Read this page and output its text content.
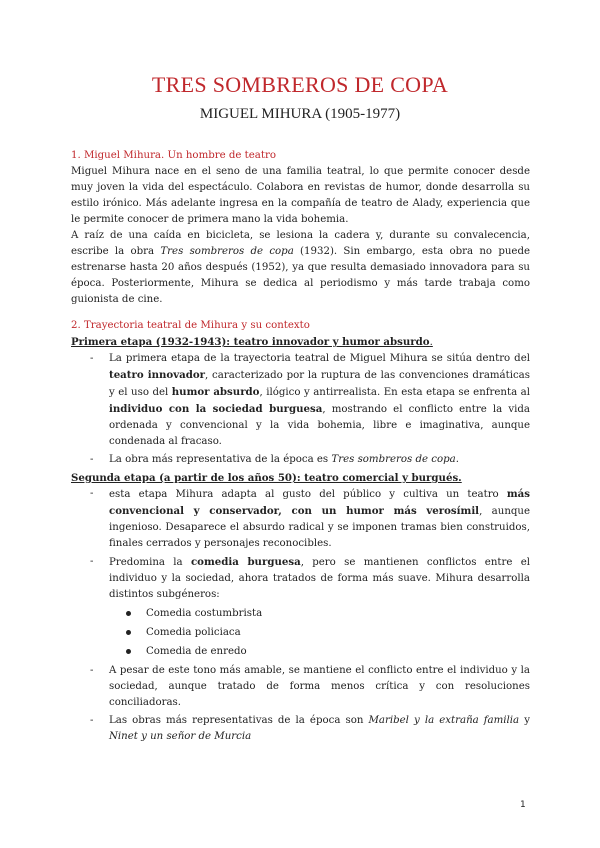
TRES SOMBREROS DE COPA
MIGUEL MIHURA (1905-1977)

1. Miguel Mihura. Un hombre de teatro

Miguel Mihura nace en el seno de una familia teatral, lo que permite conocer desde muy joven la vida del espectáculo. Colabora en revistas de humor, donde desarrolla su estilo irónico. Más adelante ingresa en la compañía de teatro de Alady, experiencia que le permite conocer de primera mano la vida bohemia.

A raíz de una caída en bicicleta, se lesiona la cadera y, durante su convalecencia, escribe la obra Tres sombreros de copa (1932). Sin embargo, esta obra no puede estrenarse hasta 20 años después (1952), ya que resulta demasiado innovadora para su época. Posteriormente, Mihura se dedica al periodismo y más tarde trabaja como guionista de cine.

2. Trayectoria teatral de Mihura y su contexto

Primera etapa (1932-1943): teatro innovador y humor absurdo.

- La primera etapa de la trayectoria teatral de Miguel Mihura se sitúa dentro del teatro innovador, caracterizado por la ruptura de las convenciones dramáticas y el uso del humor absurdo, ilógico y antirrealista. En esta etapa se enfrenta al individuo con la sociedad burguesa, mostrando el conflicto entre la vida ordenada y convencional y la vida bohemia, libre e imaginativa, aunque condenada al fracaso.
- La obra más representativa de la época es Tres sombreros de copa.

Segunda etapa (a partir de los años 50): teatro comercial y burgués.

- esta etapa Mihura adapta al gusto del público y cultiva un teatro más convencional y conservador, con un humor más verosímil, aunque ingenioso. Desaparece el absurdo radical y se imponen tramas bien construidos, finales cerrados y personajes reconocibles.
- Predomina la comedia burguesa, pero se mantienen conflictos entre el individuo y la sociedad, ahora tratados de forma más suave. Mihura desarrolla distintos subgéneros:
Comedia costumbrista
Comedia policiaca
Comedia de enredo
- A pesar de este tono más amable, se mantiene el conflicto entre el individuo y la sociedad, aunque tratado de forma menos crítica y con resoluciones conciliadoras.
- Las obras más representativas de la época son Maribel y la extraña familia y Ninet y un señor de Murcia
1
